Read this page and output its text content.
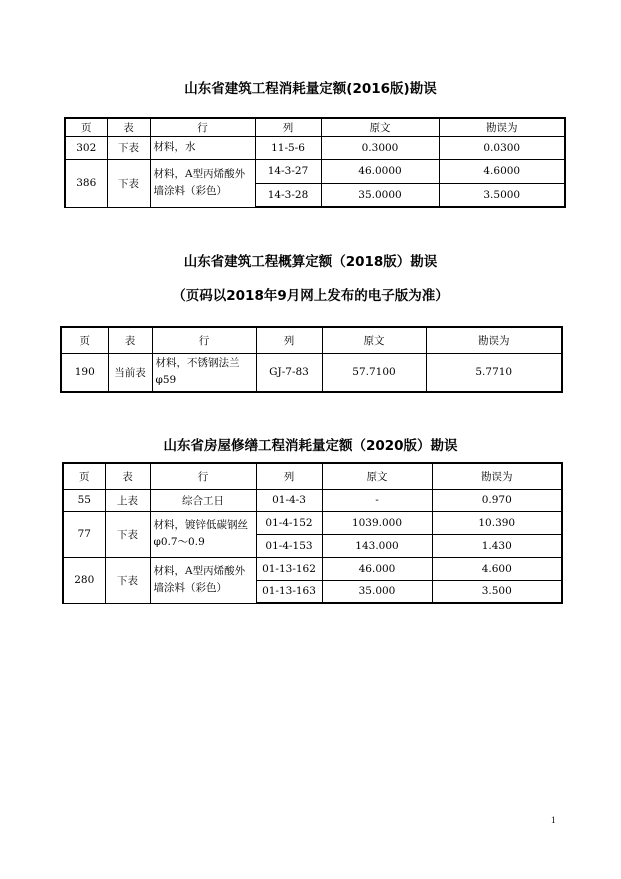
山东省建筑工程消耗量定额(2016版)勘误
页	表	行	列	原文	勘误为
302	下表	材料，水	11-5-6	0.3000	0.0300
386	下表	材料，A型丙烯酸外墙涂料（彩色）	14-3-27	46.0000	4.6000
			14-3-28	35.0000	3.5000
山东省建筑工程概算定额（2018版）勘误
（页码以2018年9月网上发布的电子版为准）
页	表	行	列	原文	勘误为
190	当前表	材料，不锈钢法兰 φ59	GJ-7-83	57.7100	5.7710
山东省房屋修缮工程消耗量定额（2020版）勘误
页	表	行	列	原文	勘误为
55	上表	综合工日	01-4-3	-	0.970
77	下表	材料，镀锌低碳钢丝φ0.7～0.9	01-4-152	1039.000	10.390
			01-4-153	143.000	1.430
280	下表	材料，A型丙烯酸外墙涂料（彩色）	01-13-162	46.000	4.600
			01-13-163	35.000	3.500
1
